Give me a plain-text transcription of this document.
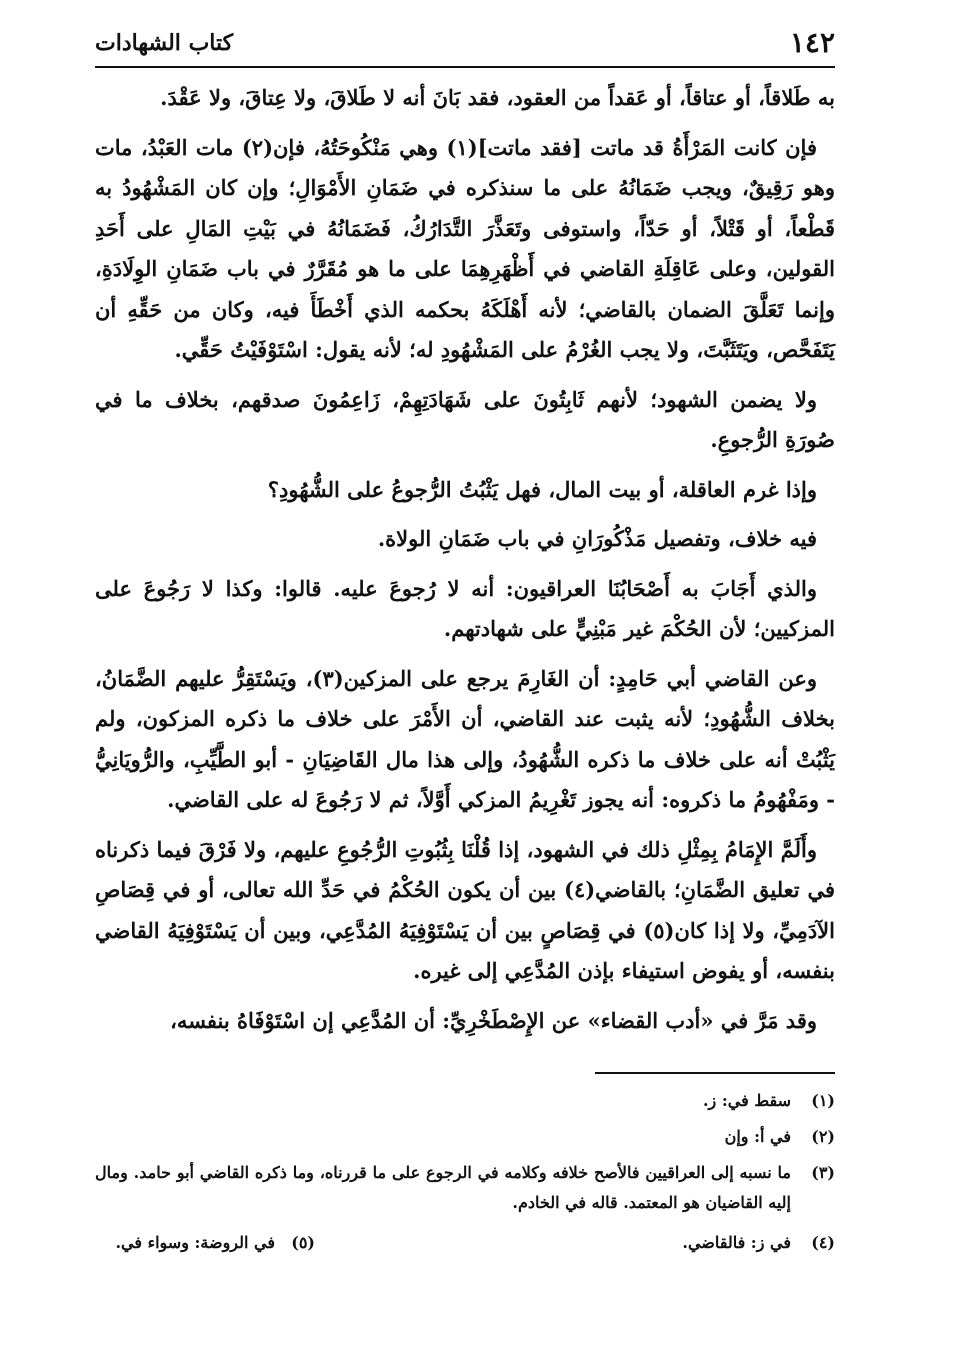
١٤٢
كتاب الشهادات

به طَلاقاً، أو عتاقاً، أو عَقداً من العقود، فقد بَانَ أنه لا طَلاقَ، ولا عِتاقَ، ولا عَقْدَ.

فإن كانت المَرْأَةُ قد ماتت [فقد ماتت](١) وهي مَنْكُوحَتُهُ، فإن(٢) مات العَبْدُ، مات وهو رَقِيقٌ، ويجب ضَمَانُهُ على ما سنذكره في ضَمَانِ الأَمْوَالِ؛ وإن كان المَشْهُودُ به قَطْعاً، أو قَتْلاً، أو حَدّاً، واستوفى وتَعَذَّرَ التَّدَارُكُ، فَضَمَانُهُ في بَيْتِ المَالِ على أَحَدِ القولين، وعلى عَاقِلَةِ القاضي في أَظْهَرِهِمَا على ما هو مُقَرَّرٌ في باب ضَمَانِ الوِلَادَةِ، وإنما تَعَلَّقَ الضمان بالقاضي؛ لأنه أَهْلَكَهُ بحكمه الذي أَخْطَأَ فيه، وكان من حَقِّهِ أن يَتَفَحَّص، ويَتَثَبَّتَ، ولا يجب الغُرْمُ على المَشْهُودِ له؛ لأنه يقول: اسْتَوْفَيْتُ حَقِّي.

ولا يضمن الشهود؛ لأنهم ثَابِتُونَ على شَهَادَتِهِمْ، زَاعِمُونَ صدقهم، بخلاف ما في صُورَةِ الرُّجوعِ.

وإذا غرم العاقلة، أو بيت المال، فهل يَثْبُتُ الرُّجوعُ على الشُّهُودِ؟

فيه خلاف، وتفصيل مَذْكُورَانِ في باب ضَمَانِ الولاة.

والذي أَجَابَ به أَصْحَابُنَا العراقيون: أنه لا رُجوعَ عليه. قالوا: وكذا لا رَجُوعَ على المزكيين؛ لأن الحُكْمَ غير مَبْنِيٍّ على شهادتهم.

وعن القاضي أبي حَامِدٍ: أن الغَارِمَ يرجع على المزكين(٣)، ويَسْتَقِرُّ عليهم الضَّمَانُ، بخلاف الشُّهُودِ؛ لأنه يثبت عند القاضي، أن الأَمْرَ على خلاف ما ذكره المزكون، ولم يَثْبُتْ أنه على خلاف ما ذكره الشُّهُودُ، وإلى هذا مال القَاضِيَانِ - أبو الطَّيِّبِ، والرُّويَانِيُّ - ومَفْهُومُ ما ذكروه: أنه يجوز تَغْرِيمُ المزكي أَوَّلاً، ثم لا رَجُوعَ له على القاضي.

وأَلَمَّ الإِمَامُ بِمِثْلِ ذلك في الشهود، إذا قُلْنَا بِثُبُوتِ الرُّجُوعِ عليهم، ولا فَرْقَ فيما ذكرناه في تعليق الضَّمَانِ؛ بالقاضي(٤) بين أن يكون الحُكْمُ في حَدِّ الله تعالى، أو في قِصَاصِ الآدَمِيِّ، ولا إذا كان(٥) في قِصَاصٍ بين أن يَسْتَوْفِيَهُ المُدَّعِي، وبين أن يَسْتَوْفِيَهُ القاضي بنفسه، أو يفوض استيفاء بإذن المُدَّعِي إلى غيره.

وقد مَرَّ في «أدب القضاء» عن الإِصْطَخْرِيِّ: أن المُدَّعِي إن اسْتَوْفَاهُ بنفسه،

(١)
سقط في: ز.
(٢)
في أ: وإن
(٣)
ما نسبه إلى العراقيين فالأصح خلافه وكلامه في الرجوع على ما قررناه، وما ذكره القاضي أبو حامد. ومال إليه القاضيان هو المعتمد. قاله في الخادم.
(٤)
في ز: فالقاضي.
(٥)
في الروضة: وسواء في.
